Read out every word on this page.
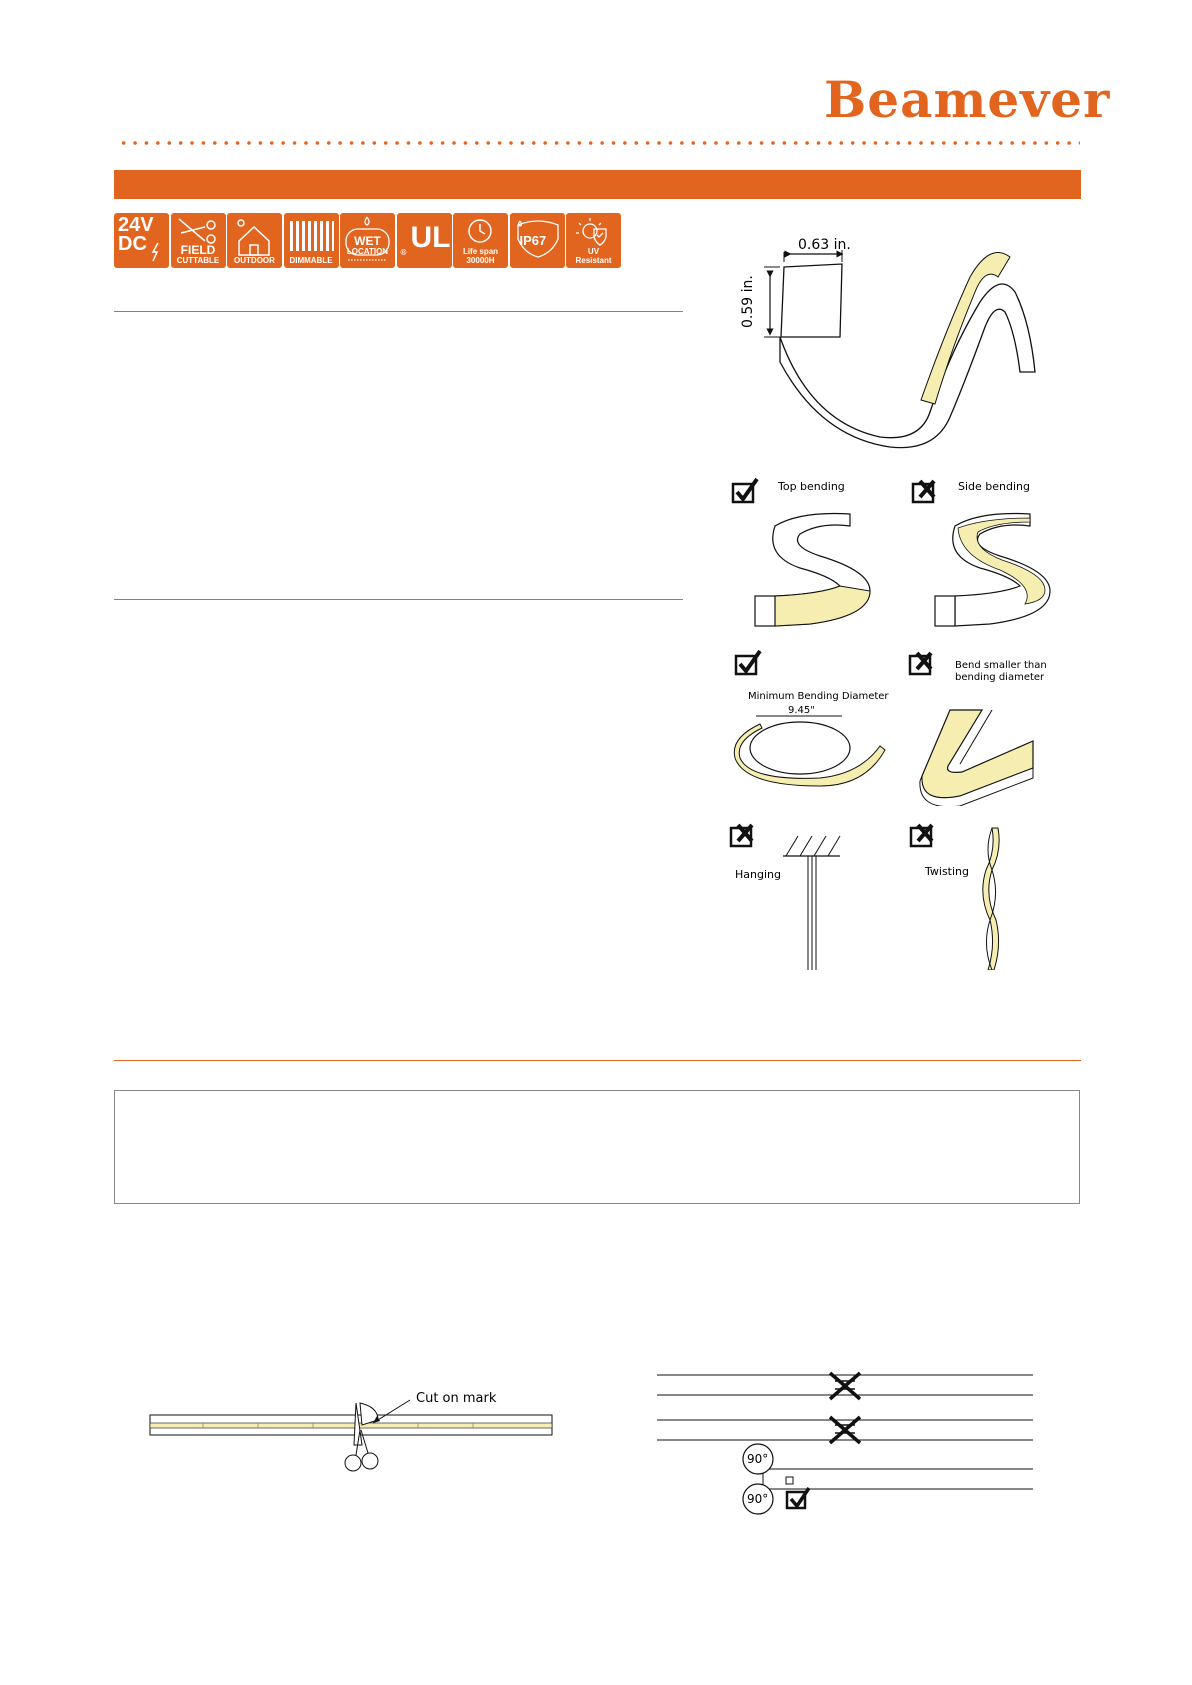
Beamever
24V
DC	FIELD
CUTTABLE OUTDOOR DIMMABLE
WET
LOCATION UL
®	Life span
30000H
IP67
UV
Resistant
0.63 in.
0.59 in.
Top bending	Side bending
Minimum Bending Diameter
9.45"
Bend smaller than
bending diameter
Hanging	Twisting
Cut on mark
90°
90°
